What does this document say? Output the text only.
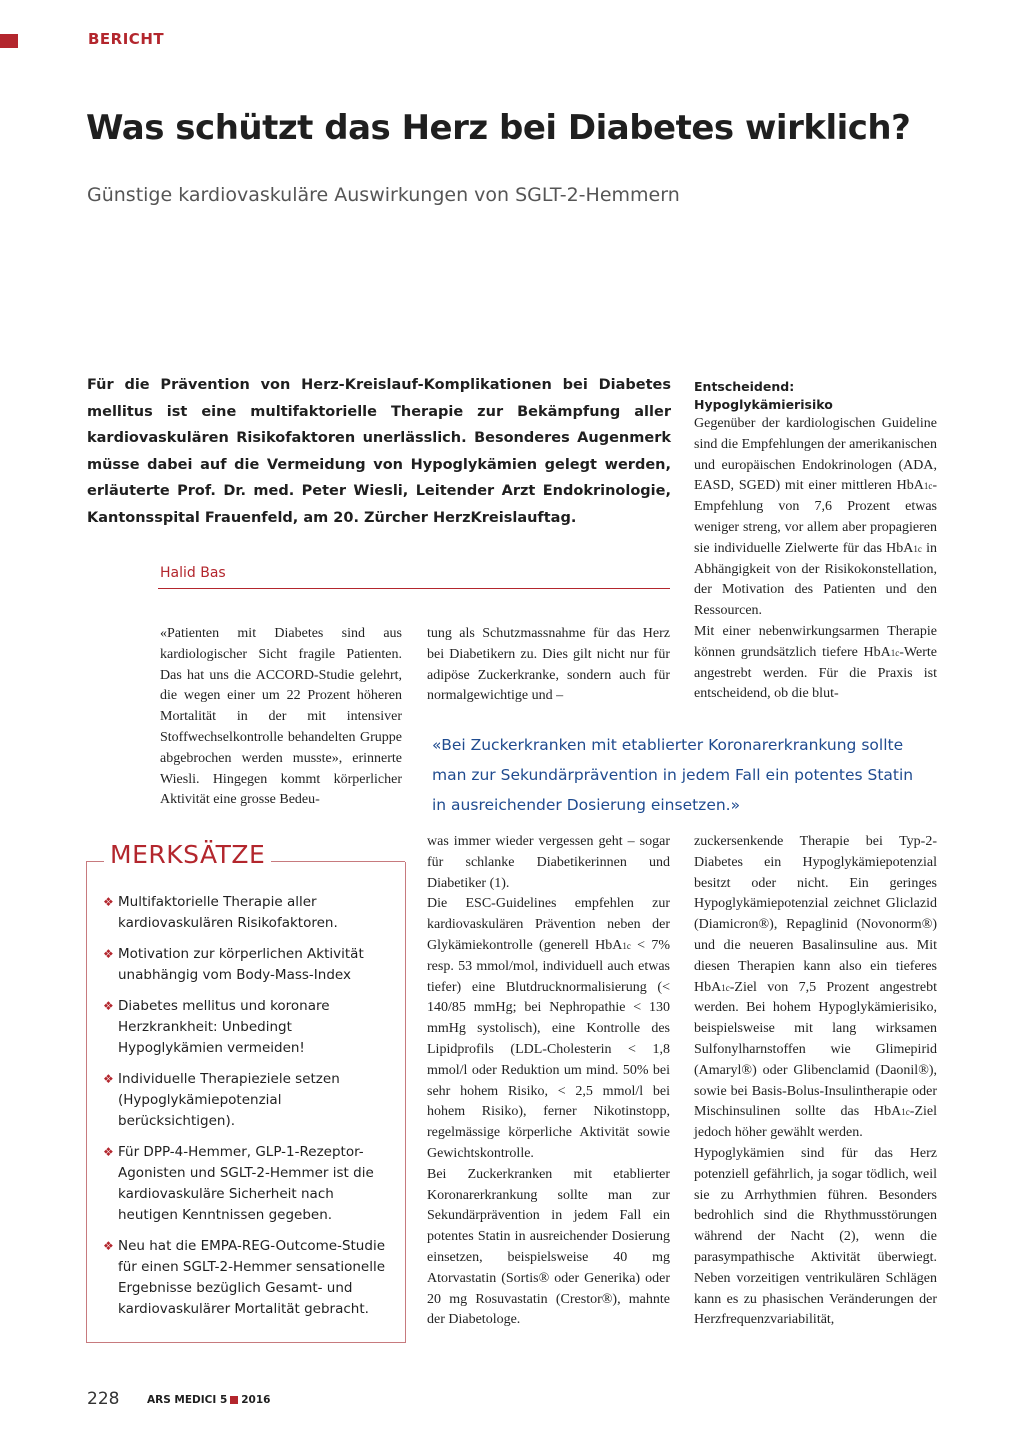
BERICHT
Was schützt das Herz bei Diabetes wirklich?
Günstige kardiovaskuläre Auswirkungen von SGLT-2-Hemmern
Für die Prävention von Herz-Kreislauf-Komplikationen bei Diabetes mellitus ist eine multifaktorielle Therapie zur Bekämpfung aller kardiovaskulären Risikofaktoren unerlässlich. Besonderes Augenmerk müsse dabei auf die Vermeidung von Hypoglykämien gelegt werden, erläuterte Prof. Dr. med. Peter Wiesli, Leitender Arzt Endokrinologie, Kantonsspital Frauenfeld, am 20. Zürcher HerzKreislauftag.
Halid Bas

«Patienten mit Diabetes sind aus kardiologischer Sicht fragile Patienten. Das hat uns die ACCORD-Studie gelehrt, die wegen einer um 22 Prozent höheren Mortalität in der mit intensiver Stoffwechselkontrolle behandelten Gruppe abgebrochen werden musste», erinnerte Wiesli. Hingegen kommt körperlicher Aktivität eine grosse Bedeu-

tung als Schutzmassnahme für das Herz bei Diabetikern zu. Dies gilt nicht nur für adipöse Zuckerkranke, sondern auch für normalgewichtige und –

«Bei Zuckerkranken mit etablierter Koronarerkrankung sollte man zur Sekundärprävention in jedem Fall ein potentes Statin in ausreichender Dosierung einsetzen.»

was immer wieder vergessen geht – sogar für schlanke Diabetikerinnen und Diabetiker (1).

Die ESC-Guidelines empfehlen zur kardiovaskulären Prävention neben der Glykämiekontrolle (generell HbA1c < 7% resp. 53 mmol/mol, individuell auch etwas tiefer) eine Blutdrucknormalisierung (< 140/85 mmHg; bei Nephropathie < 130 mmHg systolisch), eine Kontrolle des Lipidprofils (LDL-Cholesterin < 1,8 mmol/l oder Reduktion um mind. 50% bei sehr hohem Risiko, < 2,5 mmol/l bei hohem Risiko), ferner Nikotinstopp, regelmässige körperliche Aktivität sowie Gewichtskontrolle.

Bei Zuckerkranken mit etablierter Koronarerkrankung sollte man zur Sekundärprävention in jedem Fall ein potentes Statin in ausreichender Dosierung einsetzen, beispielsweise 40 mg Atorvastatin (Sortis® oder Generika) oder 20 mg Rosuvastatin (Crestor®), mahnte der Diabetologe.

Entscheidend: Hypoglykämierisiko

Gegenüber der kardiologischen Guideline sind die Empfehlungen der amerikanischen und europäischen Endokrinologen (ADA, EASD, SGED) mit einer mittleren HbA1c-Empfehlung von 7,6 Prozent etwas weniger streng, vor allem aber propagieren sie individuelle Zielwerte für das HbA1c in Abhängigkeit von der Risikokonstellation, der Motivation des Patienten und den Ressourcen.

Mit einer nebenwirkungsarmen Therapie können grundsätzlich tiefere HbA1c-Werte angestrebt werden. Für die Praxis ist entscheidend, ob die blut-

zuckersenkende Therapie bei Typ-2-Diabetes ein Hypoglykämiepotenzial besitzt oder nicht. Ein geringes Hypoglykämiepotenzial zeichnet Gliclazid (Diamicron®), Repaglinid (Novonorm®) und die neueren Basalinsuline aus. Mit diesen Therapien kann also ein tieferes HbA1c-Ziel von 7,5 Prozent angestrebt werden. Bei hohem Hypoglykämierisiko, beispielsweise mit lang wirksamen Sulfonylharnstoffen wie Glimepirid (Amaryl®) oder Glibenclamid (Daonil®), sowie bei Basis-Bolus-Insulintherapie oder Mischinsulinen sollte das HbA1c-Ziel jedoch höher gewählt werden.

Hypoglykämien sind für das Herz potenziell gefährlich, ja sogar tödlich, weil sie zu Arrhythmien führen. Besonders bedrohlich sind die Rhythmusstörungen während der Nacht (2), wenn die parasympathische Aktivität überwiegt. Neben vorzeitigen ventrikulären Schlägen kann es zu phasischen Veränderungen der Herzfrequenzvariabilität,

❖ Multifaktorielle Therapie aller kardiovaskulären Risikofaktoren.
❖ Motivation zur körperlichen Aktivität unabhängig vom Body-Mass-Index
❖ Diabetes mellitus und koronare Herzkrankheit: Unbedingt Hypoglykämien vermeiden!
❖ Individuelle Therapieziele setzen (Hypoglykämiepotenzial berücksichtigen).
❖ Für DPP-4-Hemmer, GLP-1-Rezeptor-Agonisten und SGLT-2-Hemmer ist die kardiovaskuläre Sicherheit nach heutigen Kenntnissen gegeben.
❖ Neu hat die EMPA-REG-Outcome-Studie für einen SGLT-2-Hemmer sensationelle Ergebnisse bezüglich Gesamt- und kardiovaskulärer Mortalität gebracht.
MERKSÄTZE
228	ARS MEDICI 5 2016
